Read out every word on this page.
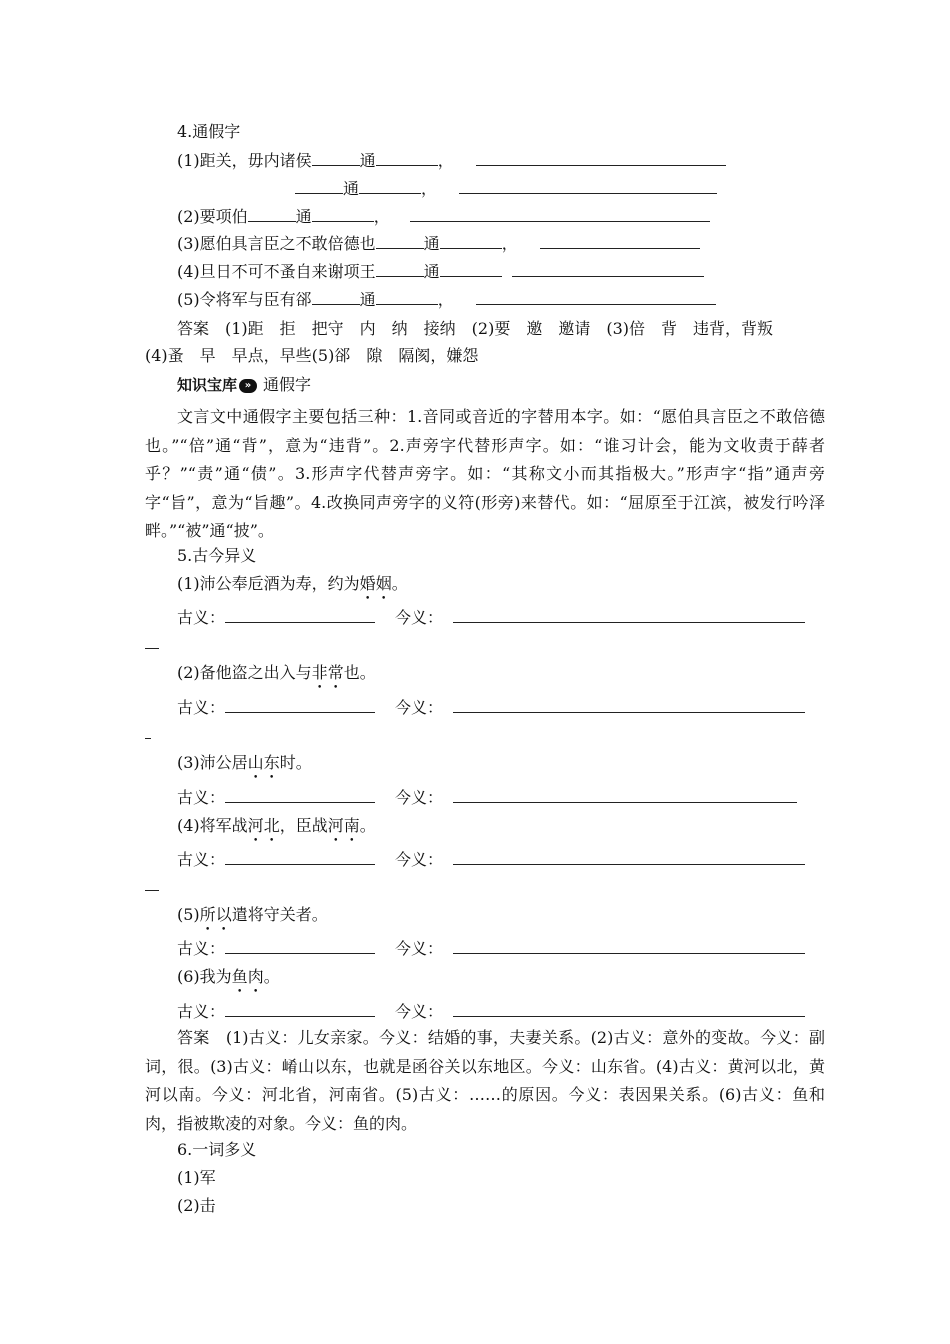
4.通假字
(1)距关，毋内诸侯	通	，
通	，
(2)要项伯	通	，
(3)愿伯具言臣之不敢倍德也	通	，
(4)旦日不可不蚤自来谢项王	通
(5)令将军与臣有郤	通	，
答案　(1)距　拒　把守　内　纳　接纳　(2)要　邀　邀请　(3)倍　背　违背，背叛
(4)蚤　早　早点，早些(5)郤　隙　隔阂，嫌怨
知识宝库 » 通假字
文言文中通假字主要包括三种：1.音同或音近的字替用本字。如：“愿伯具言臣之不敢倍德也。”“倍”通“背”，意为“违背”。2.声旁字代替形声字。如：“谁习计会，能为文收责于薛者乎？”“责”通“债”。3.形声字代替声旁字。如：“其称文小而其指极大。”形声字“指”通声旁字“旨”，意为“旨趣”。4.改换同声旁字的义符(形旁)来替代。如：“屈原至于江滨，被发行吟泽畔。”“被”通“披”。
5.古今异义
(1)沛公奉卮酒为寿，约为婚姻。
古义：	今义：
(2)备他盗之出入与非常也。
古义：	今义：
(3)沛公居山东时。
古义：	今义：
(4)将军战河北，臣战河南。
古义：	今义：
(5)所以遣将守关者。
古义：	今义：
(6)我为鱼肉。
古义：	今义：
答案　(1)古义：儿女亲家。今义：结婚的事，夫妻关系。(2)古义：意外的变故。今义：副词，很。(3)古义：崤山以东，也就是函谷关以东地区。今义：山东省。(4)古义：黄河以北，黄河以南。今义：河北省，河南省。(5)古义：……的原因。今义：表因果关系。(6)古义：鱼和肉，指被欺凌的对象。今义：鱼的肉。
6.一词多义
(1)军
(2)击
